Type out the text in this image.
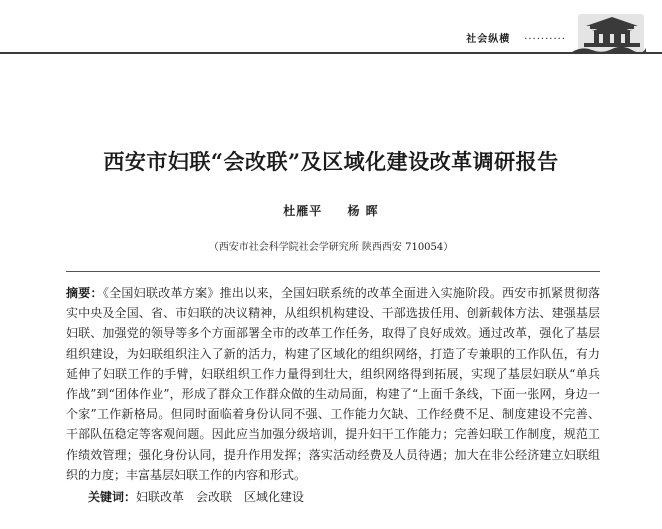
社会纵横 ··········
西安市妇联“会改联”及区域化建设改革调研报告
杜雁平 杨 晖
（西安市社会科学院社会学研究所 陕西西安 710054）

摘要：《全国妇联改革方案》推出以来，全国妇联系统的改革全面进入实施阶段。西安市抓紧贯彻落实中央及全国、省、市妇联的决议精神，从组织机构建设、干部选拔任用、创新载体方法、建强基层妇联、加强党的领导等多个方面部署全市的改革工作任务，取得了良好成效。通过改革，强化了基层组织建设，为妇联组织注入了新的活力，构建了区域化的组织网络，打造了专兼职的工作队伍，有力延伸了妇联工作的手臂，妇联组织工作力量得到壮大，组织网络得到拓展，实现了基层妇联从“单兵作战”到“团体作业”，形成了群众工作群众做的生动局面，构建了“上面千条线，下面一张网，身边一个家”工作新格局。但同时面临着身份认同不强、工作能力欠缺、工作经费不足、制度建设不完善、干部队伍稳定等客观问题。因此应当加强分级培训，提升妇干工作能力；完善妇联工作制度，规范工作绩效管理；强化身份认同，提升作用发挥；落实活动经费及人员待遇；加大在非公经济建立妇联组织的力度；丰富基层妇联工作的内容和形式。

关键词：妇联改革 会改联 区域化建设
